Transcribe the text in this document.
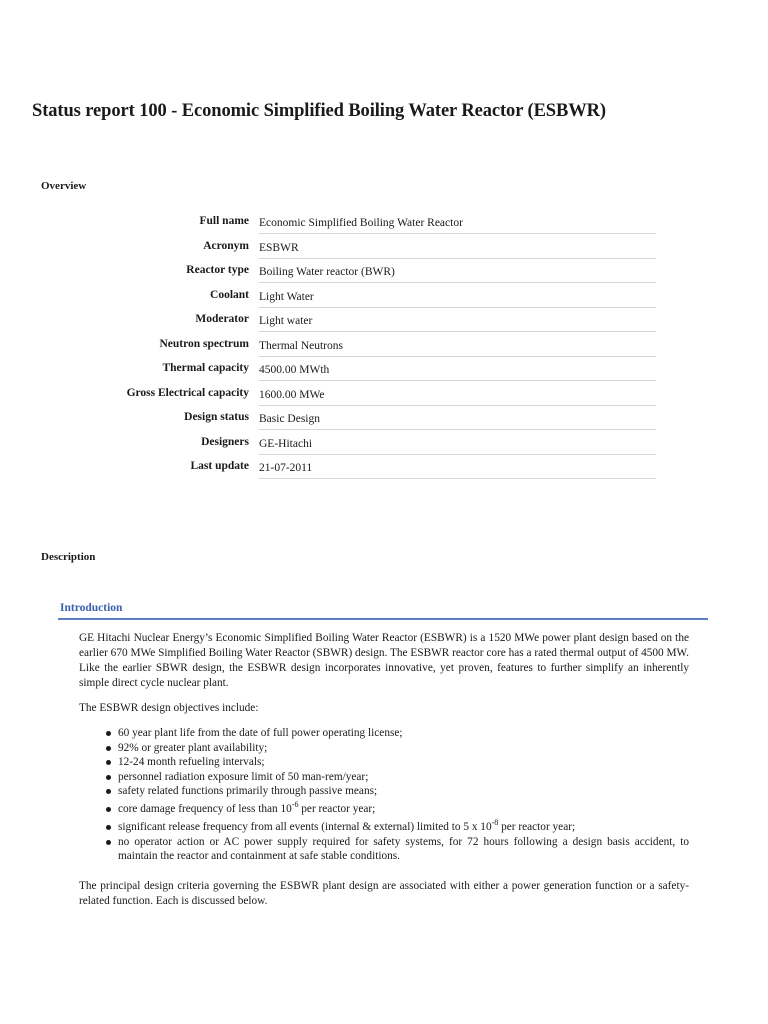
Status report 100 - Economic Simplified Boiling Water Reactor (ESBWR)
Overview
Full name Economic Simplified Boiling Water Reactor
Acronym ESBWR
Reactor type Boiling Water reactor (BWR)
Coolant Light Water
Moderator Light water
Neutron spectrum Thermal Neutrons
Thermal capacity 4500.00 MWth
Gross Electrical capacity 1600.00 MWe
Design status Basic Design
Designers GE-Hitachi
Last update 21-07-2011
Description
Introduction
GE Hitachi Nuclear Energy’s Economic Simplified Boiling Water Reactor (ESBWR) is a 1520 MWe power plant design based on the earlier 670 MWe Simplified Boiling Water Reactor (SBWR) design. The ESBWR reactor core has a rated thermal output of 4500 MW. Like the earlier SBWR design, the ESBWR design incorporates innovative, yet proven, features to further simplify an inherently simple direct cycle nuclear plant.
The ESBWR design objectives include:
60 year plant life from the date of full power operating license;
92% or greater plant availability;
12-24 month refueling intervals;
personnel radiation exposure limit of 50 man-rem/year;
safety related functions primarily through passive means;
core damage frequency of less than $10^{-6}$ per reactor year;
significant release frequency from all events (internal & external) limited to 5 x $10^{-8}$ per reactor year;
no operator action or AC power supply required for safety systems, for 72 hours following a design basis accident, to maintain the reactor and containment at safe stable conditions.
The principal design criteria governing the ESBWR plant design are associated with either a power generation function or a safety-related function. Each is discussed below.
